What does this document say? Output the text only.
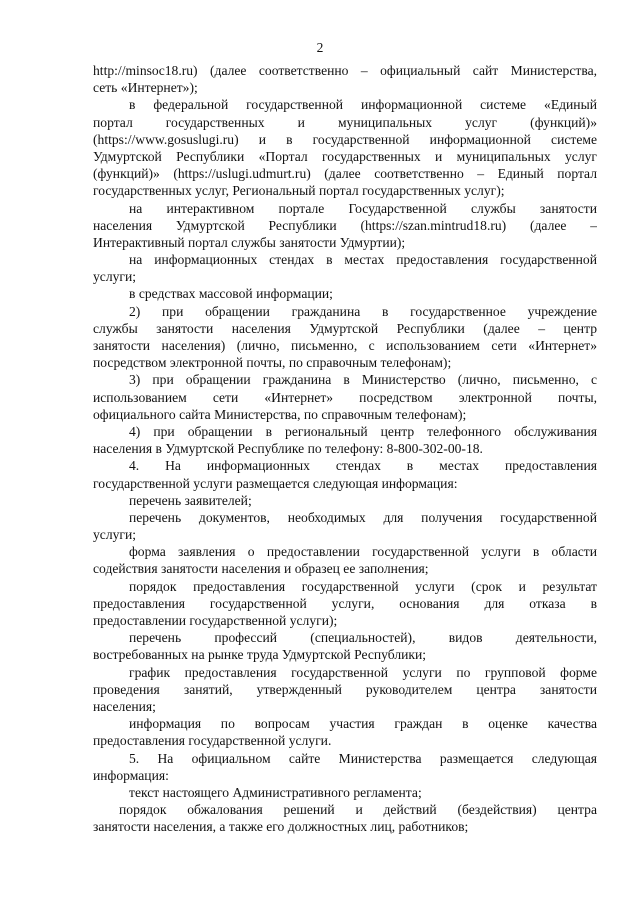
2
http://minsoc18.ru) (далее соответственно – официальный сайт Министерства,
сеть «Интернет»);
в федеральной государственной информационной системе «Единый
портал государственных и муниципальных услуг (функций)»
(https://www.gosuslugi.ru) и в государственной информационной системе
Удмуртской Республики «Портал государственных и муниципальных услуг
(функций)» (https://uslugi.udmurt.ru) (далее соответственно – Единый портал
государственных услуг, Региональный портал государственных услуг);
на интерактивном портале Государственной службы занятости
населения Удмуртской Республики (https://szan.mintrud18.ru) (далее –
Интерактивный портал службы занятости Удмуртии);
на информационных стендах в местах предоставления государственной
услуги;
в средствах массовой информации;
2) при обращении гражданина в государственное учреждение
службы занятости населения Удмуртской Республики (далее – центр
занятости населения) (лично, письменно, с использованием сети «Интернет»
посредством электронной почты, по справочным телефонам);
3) при обращении гражданина в Министерство (лично, письменно, с
использованием сети «Интернет» посредством электронной почты,
официального сайта Министерства, по справочным телефонам);
4) при обращении в региональный центр телефонного обслуживания
населения в Удмуртской Республике по телефону: 8-800-302-00-18.
4. На информационных стендах в местах предоставления
государственной услуги размещается следующая информация:
перечень заявителей;
перечень документов, необходимых для получения государственной
услуги;
форма заявления о предоставлении государственной услуги в области
содействия занятости населения и образец ее заполнения;
порядок предоставления государственной услуги (срок и результат
предоставления государственной услуги, основания для отказа в
предоставлении государственной услуги);
перечень профессий (специальностей), видов деятельности,
востребованных на рынке труда Удмуртской Республики;
график предоставления государственной услуги по групповой форме
проведения занятий, утвержденный руководителем центра занятости
населения;
информация по вопросам участия граждан в оценке качества
предоставления государственной услуги.
5. На официальном сайте Министерства размещается следующая
информация:
текст настоящего Административного регламента;
порядок обжалования решений и действий (бездействия) центра
занятости населения, а также его должностных лиц, работников;
